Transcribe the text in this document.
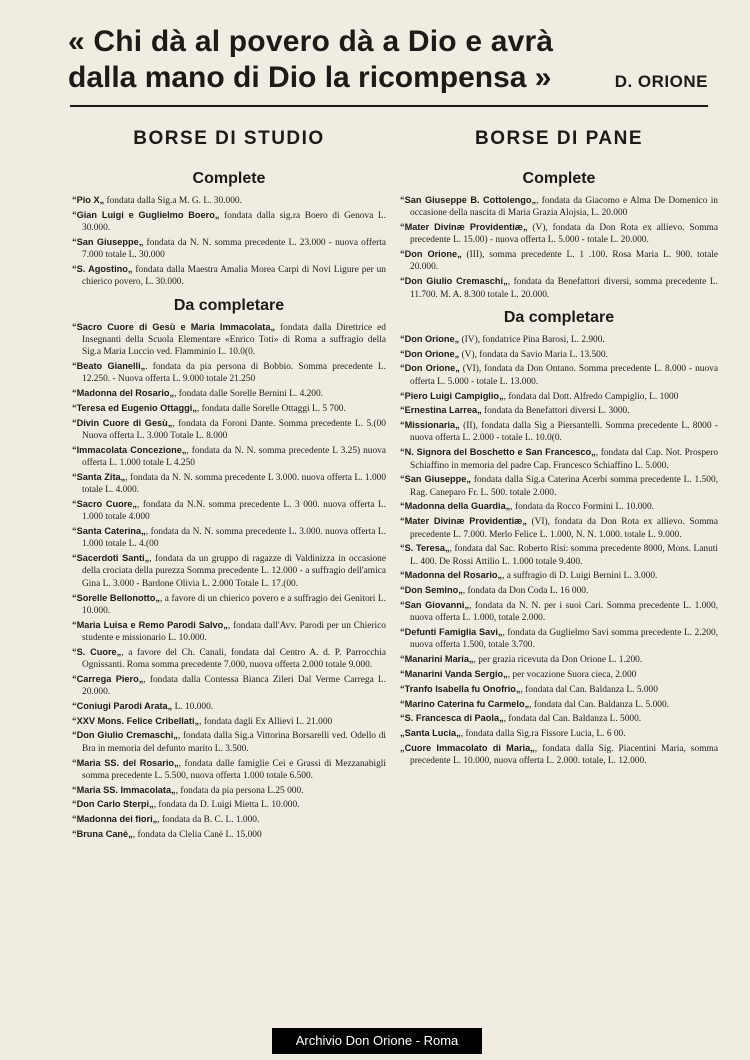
« Chi dà al povero dà a Dio e avrà
dalla mano di Dio la ricompensa »	D. ORIONE
BORSE DI STUDIO
Complete

“Pio X„ fondata dalla Sig.a M. G. L. 30.000.

“Gian Luigi e Guglielmo Boero„ fondata dalla sig.ra Boero di Genova L. 30.000.

“San Giuseppe„ fondata da N. N. somma precedente L. 23.000 - nuova offerta 7.000 totale L. 30.000

“S. Agostino„ fondata dalla Maestra Amalia Morea Carpi di Novi Ligure per un chierico povero, L. 30.000.

Da completare

“Sacro Cuore di Gesù e Maria Immacolata„ fondata dalla Direttrice ed Insegnanti della Scuola Elementare «Enrico Toti» di Roma a suffragio della Sig.a Maria Luccio ved. Flamminio L. 10.0(0.

“Beato Gianelli„. fondata da pia persona di Bobbio. Somma precedente L. 12.250. - Nuova offerta L. 9.000 totale 21.250

“Madonna del Rosario„, fondata dalle Sorelle Bernini L. 4.200.

“Teresa ed Eugenio Ottaggi„, fondata dalle Sorelle Ottaggi L. 5 700.

“Divin Cuore di Gesù„, fondata da Foroni Dante. Somma precedente L. 5.(00 Nuova offerta L. 3.000 Totale L. 8.000

“Immacolata Concezione„, fondata da N. N. somma precedente L 3.25) nuova offerta L. 1.000 totale L 4.250

“Santa Zita„, fondata da N. N. somma precedente L 3.000. nuova offerta L. 1.000 totale L. 4.000.

“Sacro Cuore„, fondata da N.N. somma precedente L. 3 000. nuova offerta L. 1.000 totale 4.000

“Santa Caterina„, fondata da N. N. somma precedente L. 3.000. nuova offerta L. 1.000 totale L. 4.(00

“Sacerdoti Santi„, fondata da un gruppo di ragazze di Valdinizza in occasione della crociata della purezza Somma precedente L. 12.000 - a suffragio dell'amica Gina L. 3.000 - Bardone Olivia L. 2.000 Totale L. 17.(00.

“Sorelle Bellonotto„, a favore di un chierico povero e a suffragio dei Genitori L. 10.000.

“Maria Luisa e Remo Parodi Salvo„, fondata dall'Avv. Parodi per un Chierico studente e missionario L. 10.000.

“S. Cuore„, a favore del Ch. Canali, fondata dal Centro A. d. P. Parrocchia Ognissanti. Roma somma precedente 7.000, nuova offerta 2.000 totale 9.000.

“Carrega Piero„, fondata dalla Contessa Bianca Zileri Dal Verme Carrega L. 20.000.

“Coniugi Parodi Arata„ L. 10.000.

“XXV Mons. Felice Cribellati„, fondata dagli Ex Allievi L. 21.000

“Don Giulio Cremaschi„, fondata dalla Sig.a Vittorina Borsarelli ved. Odello di Bra in memoria del defunto marito L. 3.500.

“Maria SS. del Rosario„, fondata dalle famiglie Cei e Grassi di Mezzanabigli somma precedente L. 5.500, nuova offerta 1.000 totale 6.500.

“Maria SS. Immacolata„, fondata da pia persona L.25 000.

“Don Carlo Sterpi„, fondata da D. Luigi Mietta L. 10.000.

“Madonna dei fiori„, fondata da B. C. L. 1.000.

“Bruna Canè„, fondata da Clelia Canè L. 15.000

BORSE DI PANE
Complete

“San Giuseppe B. Cottolengo„, fondata da Giacomo e Alma De Domenico in occasione della nascita di Maria Grazia Alojsia, L. 20.000

“Mater Divinæ Providentiæ„ (V), fondata da Don Rota ex allievo. Somma precedente L. 15.00) - nuova offerta L. 5.000 - totale L. 20.000.

“Don Orione„ (III), somma precedente L. 1 .100. Rosa Maria L. 900. totale 20.000.

“Don Giulio Cremaschi„, fondata da Benefattori diversi, somma precedente L. 11.700. M. A. 8.300 totale L. 20.000.

Da completare

“Don Orione„ (IV), fondatrice Pina Barosi, L. 2.900.

“Don Orione„ (V), fondata da Savio Maria L. 13.500.

“Don Orione„ (VI), fondata da Don Ontano. Somma precedente L. 8.000 - nuova offerta L. 5.000 - totale L. 13.000.

“Piero Luigi Campiglio„, fondata dal Dott. Alfredo Campiglio, L. 1000

“Ernestina Larrea„ fondata da Benefattori diversi L. 3000.

“Missionaria„ (II), fondata dalla Sig a Piersantelli. Somma precedente L. 8000 - nuova offerta L. 2.000 - totale L. 10.0(0.

“N. Signora del Boschetto e San Francesco„, fondata dal Cap. Not. Prospero Schiaffino in memoria del padre Cap. Francesco Schiaffino L. 5.000.

“San Giuseppe„ fondata dalla Sig.a Caterina Acerbi somma precedente L. 1.500, Rag. Caneparo Fr. L. 500. totale 2.000.

“Madonna della Guardia„, fondata da Rocco Formini L. 10.000.

“Mater Divinæ Providentiæ„ (VI), fondata da Don Rota ex allievo. Somma precedente L. 7.000. Merlo Felice L. 1.000, N. N. 1.000. totale L. 9.000.

“S. Teresa„, fondata dal Sac. Roberto Risi: somma precedente 8000, Mons. Lanuti L. 400. De Rossi Attilio L. 1.000 totale 9.400.

“Madonna del Rosario„, a suffragio di D. Luigi Bernini L. 3.000.

“Don Semino„, fondata da Don Coda L. 16 000.

“San Giovanni„, fondata da N. N. per i suoi Cari. Somma precedente L. 1.000, nuova offerta L. 1.000, totale 2.000.

“Defunti Famiglia Savi„, fondata da Guglielmo Savi somma precedente L. 2.200, nuova offerta 1.500, totale 3.700.

“Manarini Maria„, per grazia ricevuta da Don Orione L. 1.200.

“Manarini Vanda Sergio„, per vocazione Suora cieca, 2.000

“Tranfo Isabella fu Onofrio„, fondata dal Can. Baldanza L. 5.000

“Marino Caterina fu Carmelo„, fondata dal Can. Baldanza L. 5.000.

“S. Francesca di Paola„, fondata dal Can. Baldanza L. 5000.

„Santa Lucia„, fondata dalla Sig.ra Fissore Lucia, L. 6 00.

„Cuore Immacolato di Maria„, fondata dalla Sig. Piacentini Maria, somma precedente L. 10.000, nuova offerta L. 2.000. totale, L. 12.000.

Archivio Don Orione - Roma
